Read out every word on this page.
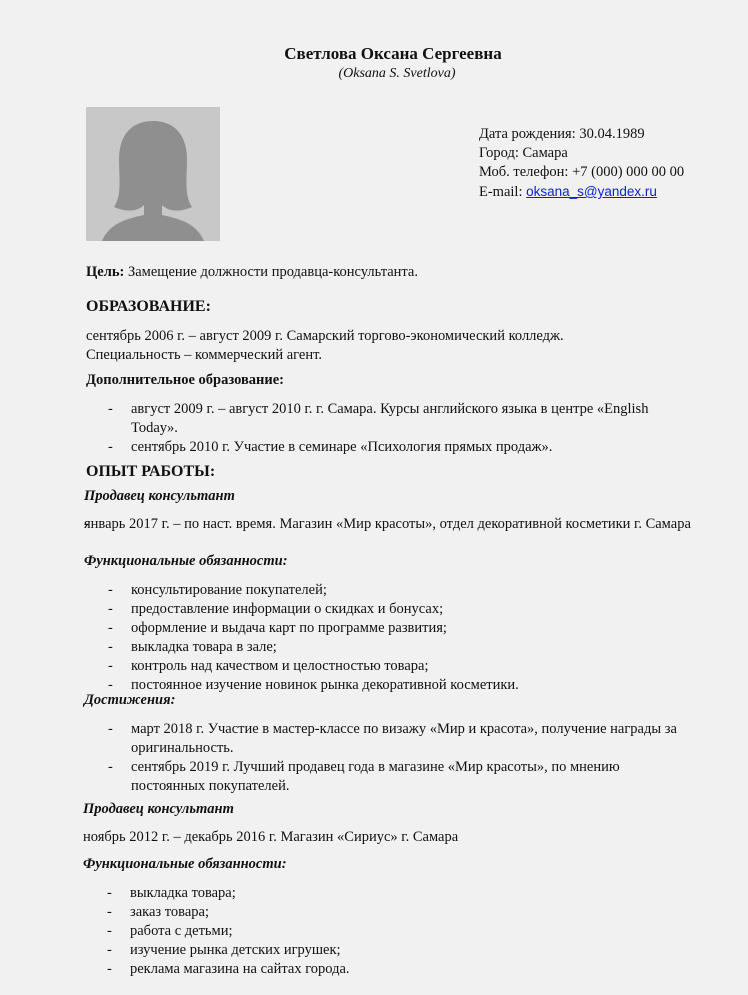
Светлова Оксана Сергеевна
(Oksana S. Svetlova)
Дата рождения: 30.04.1989
Город: Самара
Моб. телефон: +7 (000) 000 00 00
E-mail: oksana_s@yandex.ru
Цель: Замещение должности продавца-консультанта.
ОБРАЗОВАНИЕ:
сентябрь 2006 г. – август 2009 г. Самарский торгово-экономический колледж.
Специальность – коммерческий агент.
Дополнительное образование:
- август 2009 г. – август 2010 г. г. Самара. Курсы английского языка в центре «English Today».
- сентябрь 2010 г. Участие в семинаре «Психология прямых продаж».
ОПЫТ РАБОТЫ:
Продавец консультант
- январь 2017 г. – по наст. время. Магазин «Мир красоты», отдел декоративной косметики г. Самара
Функциональные обязанности:
- консультирование покупателей;
- предоставление информации о скидках и бонусах;
- оформление и выдача карт по программе развития;
- выкладка товара в зале;
- контроль над качеством и целостностью товара;
- постоянное изучение новинок рынка декоративной косметики.
Достижения:
- март 2018 г. Участие в мастер-классе по визажу «Мир и красота», получение награды за оригинальность.
- сентябрь 2019 г. Лучший продавец года в магазине «Мир красоты», по мнению постоянных покупателей.
Продавец консультант
ноябрь 2012 г. – декабрь 2016 г. Магазин «Сириус» г. Самара
Функциональные обязанности:
- выкладка товара;
- заказ товара;
- работа с детьми;
- изучение рынка детских игрушек;
- реклама магазина на сайтах города.
